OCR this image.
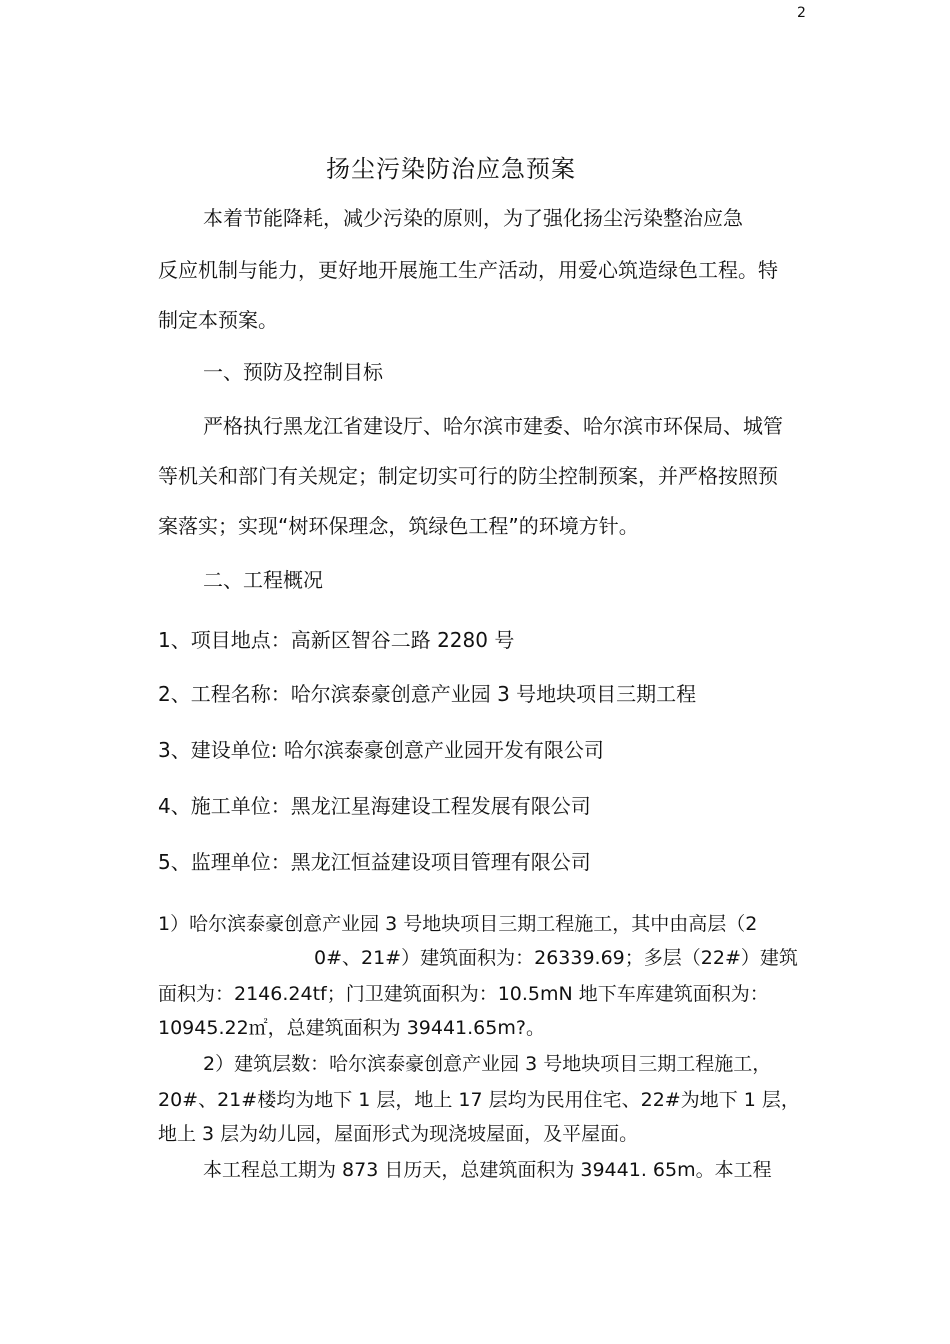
2
扬尘污染防治应急预案
本着节能降耗，减少污染的原则，为了强化扬尘污染整治应急
反应机制与能力，更好地开展施工生产活动，用爱心筑造绿色工程。特
制定本预案。
一、预防及控制目标
严格执行黑龙江省建设厅、哈尔滨市建委、哈尔滨市环保局、城管
等机关和部门有关规定；制定切实可行的防尘控制预案，并严格按照预
案落实；实现“树环保理念，筑绿色工程”的环境方针。
二、工程概况
1、项目地点：高新区智谷二路 2280 号
2、工程名称：哈尔滨泰豪创意产业园 3 号地块项目三期工程
3、建设单位: 哈尔滨泰豪创意产业园开发有限公司
4、施工单位：黑龙江星海建设工程发展有限公司
5、监理单位：黑龙江恒益建设项目管理有限公司
1）哈尔滨泰豪创意产业园 3 号地块项目三期工程施工，其中由高层（2
0#、21#）建筑面积为：26339.69；多层（22#）建筑
面积为：2146.24tf；门卫建筑面积为：10.5mN 地下车库建筑面积为：
10945.22㎡，总建筑面积为 39441.65m?。
2）建筑层数：哈尔滨泰豪创意产业园 3 号地块项目三期工程施工，
20#、21#楼均为地下 1 层，地上 17 层均为民用住宅、22#为地下 1 层，
地上 3 层为幼儿园，屋面形式为现浇坡屋面，及平屋面。
本工程总工期为 873 日历天，总建筑面积为 39441. 65m。本工程
